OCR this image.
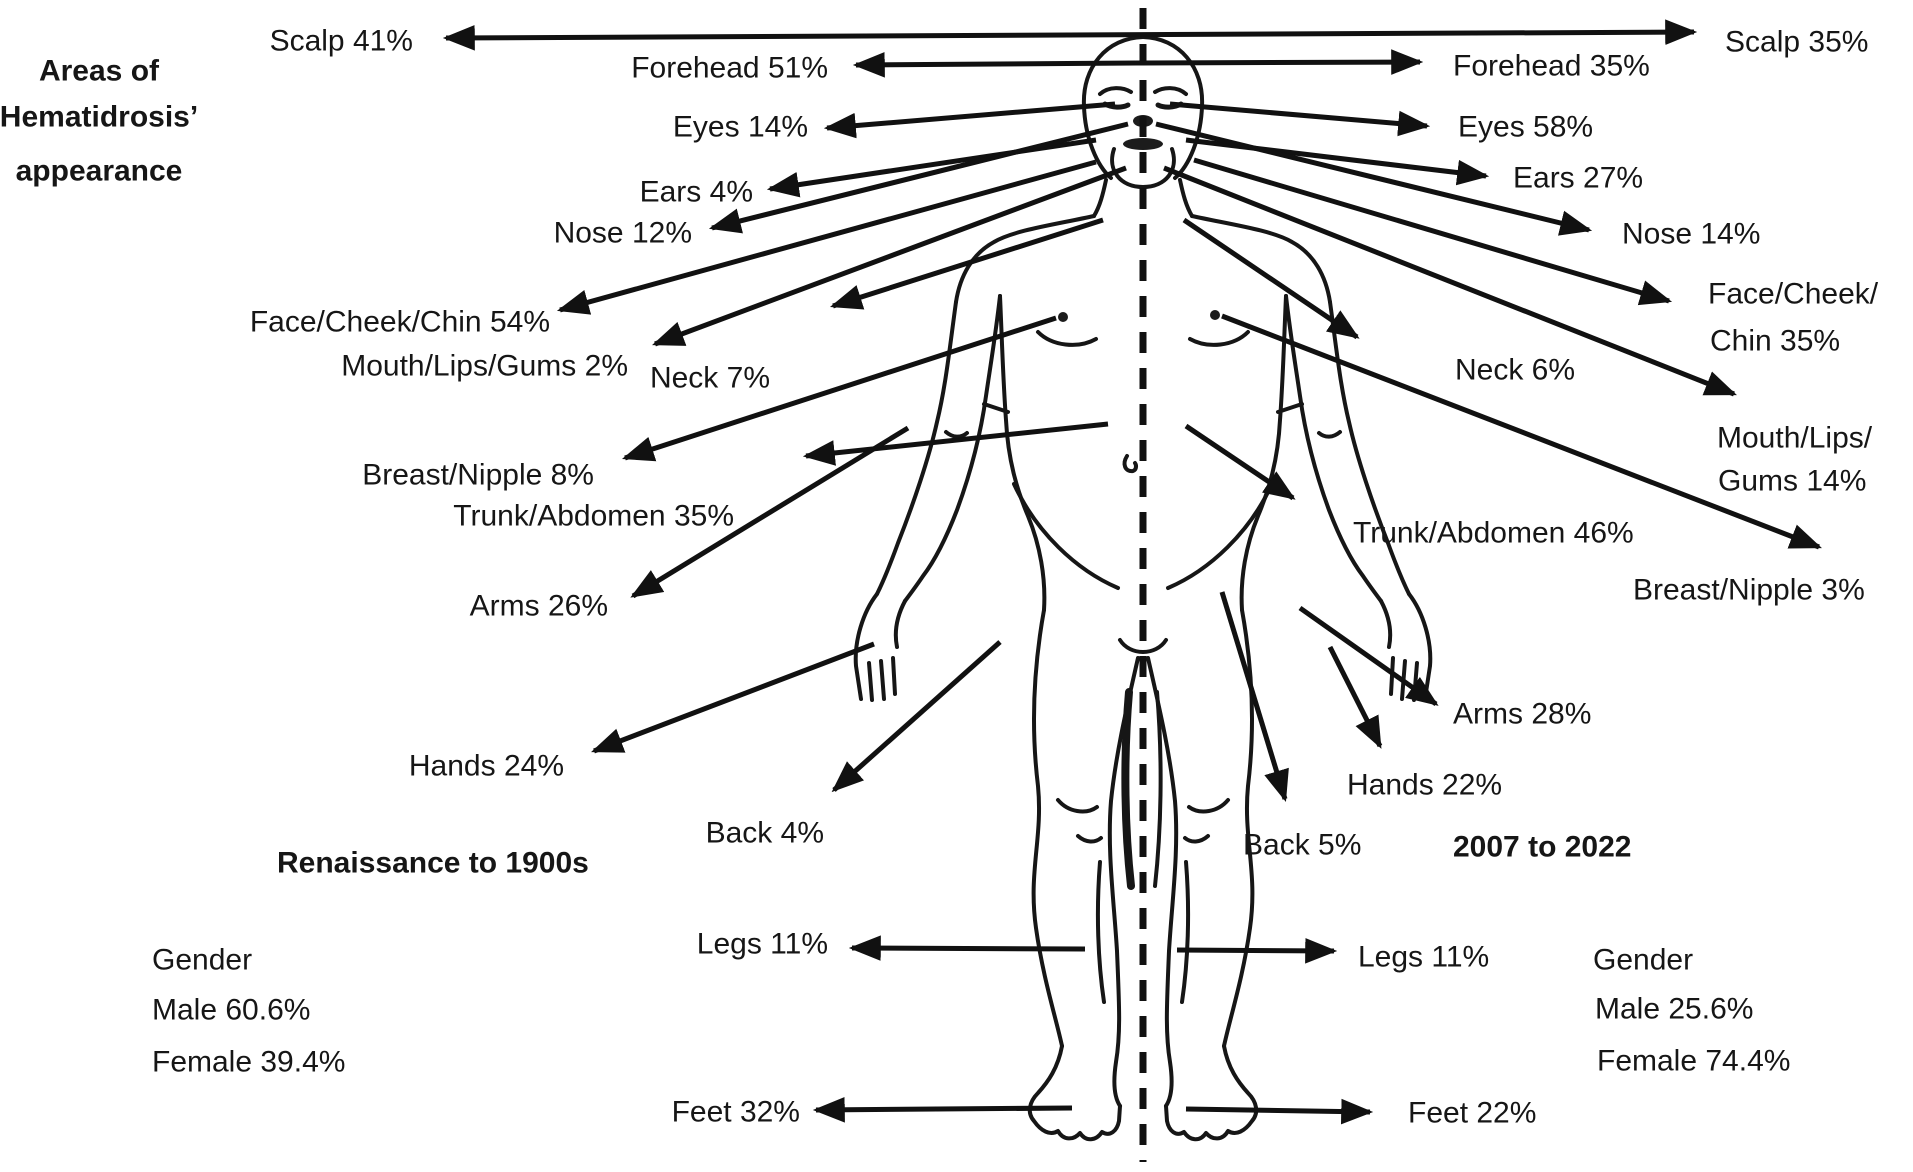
Areas of
Hematidrosis’
appearance
Scalp 41%
Forehead 51%
Eyes 14%
Ears 4%
Nose 12%
Face/Cheek/Chin 54%
Mouth/Lips/Gums 2% Neck 7%
Breast/Nipple 8%
Trunk/Abdomen 35%
Arms 26%
Hands 24%
Back 4%
Legs 11%
Feet 32%
Renaissance to 1900s
Gender
Male 60.6%
Female 39.4%
Scalp 35%
Forehead 35%
Eyes 58%
Ears 27%
Nose 14%
Face/Cheek/
Chin 35%
Neck 6%
Mouth/Lips/
Gums 14%
Trunk/Abdomen 46%
Breast/Nipple 3%
Arms 28%
Hands 22%
Back 5%	2007 to 2022
Legs 11%	Gender
Male 25.6%
Female 74.4%
Feet 22%
